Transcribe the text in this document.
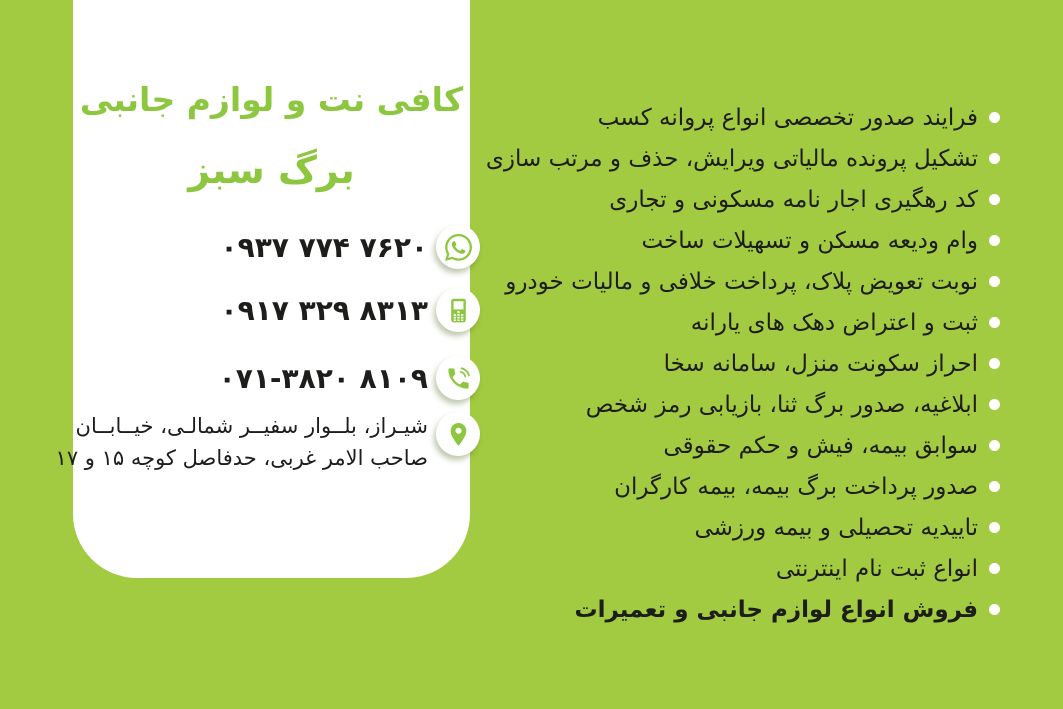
کافی نت و لوازم جانبی
برگ سبز
۰۹۳۷ ۷۷۴ ۷۶۲۰
۰۹۱۷ ۳۲۹ ۸۳۱۳
۰۷۱-۳۸۲۰ ۸۱۰۹
شیـراز، بلــوار سفیــر شمالـی، خیــابــان
صاحب الامر غربی، حدفاصل کوچه ۱۵ و ۱۷
فرایند صدور تخصصی انواع پروانه کسب
تشکیل پرونده مالیاتی ویرایش، حذف و مرتب سازی
کد رهگیری اجار نامه مسکونی و تجاری
وام ودیعه مسکن و تسهیلات ساخت
نوبت تعویض پلاک، پرداخت خلافی و مالیات خودرو
ثبت و اعتراض دهک های یارانه
احراز سکونت منزل، سامانه سخا
ابلاغیه، صدور برگ ثنا، بازیابی رمز شخص
سوابق بیمه، فیش و حکم حقوقی
صدور پرداخت برگ بیمه، بیمه کارگران
تاییدیه تحصیلی و بیمه ورزشی
انواع ثبت نام اینترنتی
فروش انواع لوازم جانبی و تعمیرات
